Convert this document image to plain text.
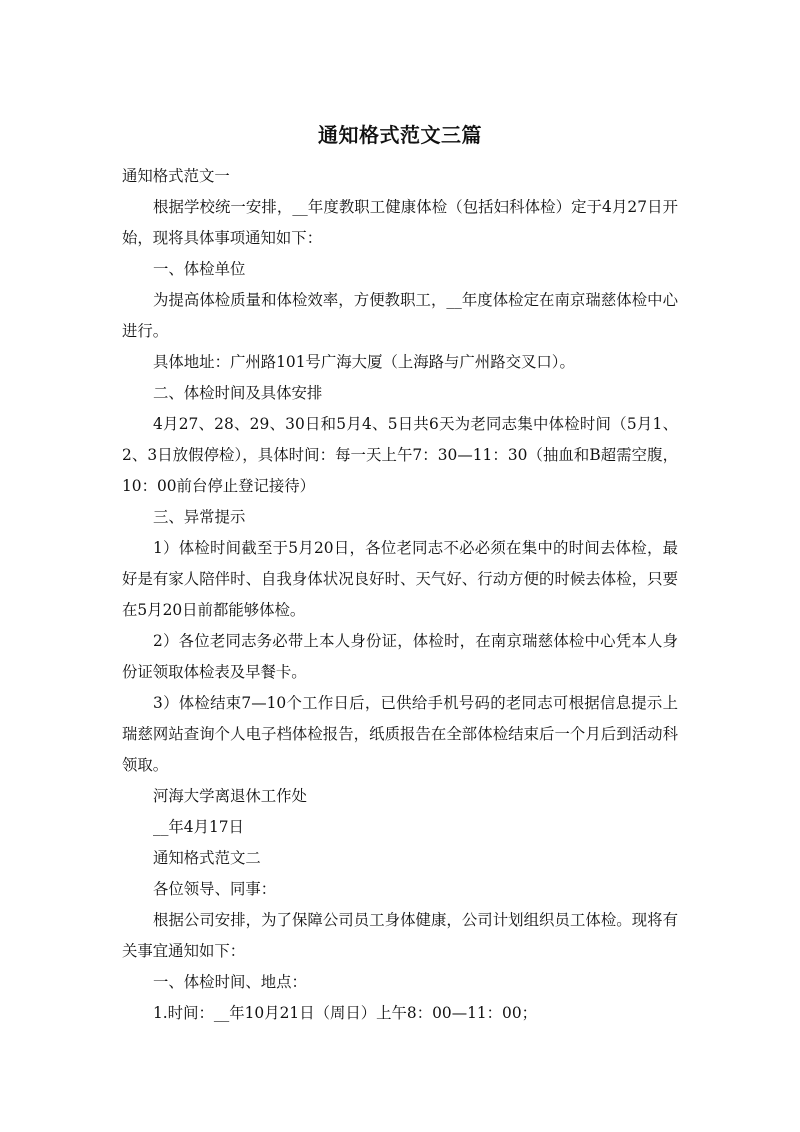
通知格式范文三篇

通知格式范文一

根据学校统一安排，__年度教职工健康体检（包括妇科体检）定于4月27日开始，现将具体事项通知如下：

一、体检单位

为提高体检质量和体检效率，方便教职工，__年度体检定在南京瑞慈体检中心进行。

具体地址：广州路101号广海大厦（上海路与广州路交叉口）。

二、体检时间及具体安排

4月27、28、29、30日和5月4、5日共6天为老同志集中体检时间（5月1、2、3日放假停检），具体时间：每一天上午7：30—11：30（抽血和B超需空腹，10：00前台停止登记接待）

三、异常提示

1）体检时间截至于5月20日，各位老同志不必必须在集中的时间去体检，最好是有家人陪伴时、自我身体状况良好时、天气好、行动方便的时候去体检，只要在5月20日前都能够体检。

2）各位老同志务必带上本人身份证，体检时，在南京瑞慈体检中心凭本人身份证领取体检表及早餐卡。

3）体检结束7—10个工作日后，已供给手机号码的老同志可根据信息提示上瑞慈网站查询个人电子档体检报告，纸质报告在全部体检结束后一个月后到活动科领取。

河海大学离退休工作处

__年4月17日

通知格式范文二

各位领导、同事：

根据公司安排，为了保障公司员工身体健康，公司计划组织员工体检。现将有关事宜通知如下：

一、体检时间、地点：

1.时间：__年10月21日（周日）上午8：00—11：00；
